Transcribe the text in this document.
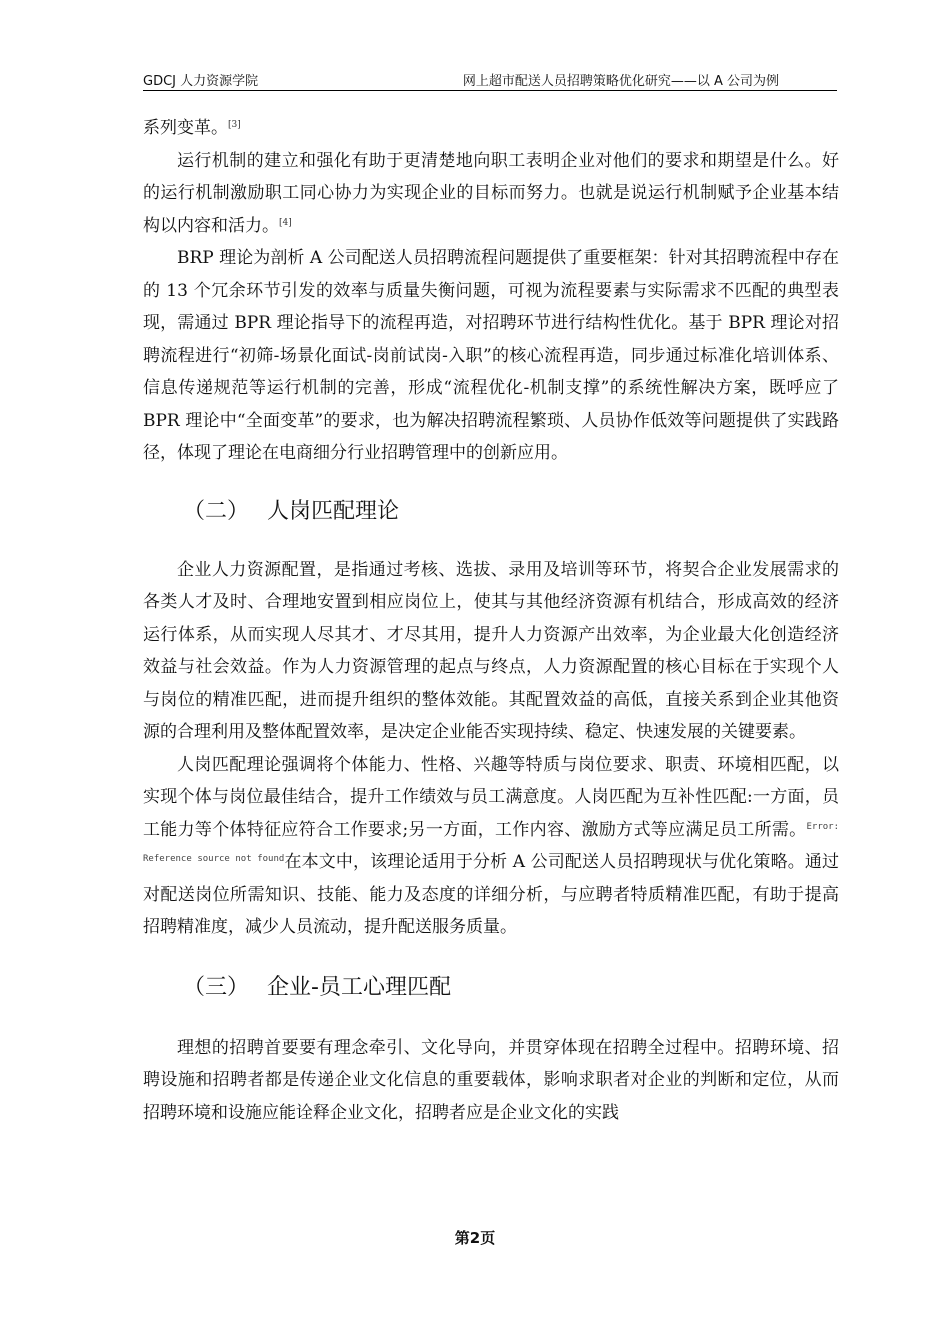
GDCJ 人力资源学院	网上超市配送人员招聘策略优化研究——以 A 公司为例

系列变革。[3]

运行机制的建立和强化有助于更清楚地向职工表明企业对他们的要求和期望是什么。好的运行机制激励职工同心协力为实现企业的目标而努力。也就是说运行机制赋予企业基本结构以内容和活力。[4]

BRP 理论为剖析 A 公司配送人员招聘流程问题提供了重要框架：针对其招聘流程中存在的 13 个冗余环节引发的效率与质量失衡问题，可视为流程要素与实际需求不匹配的典型表现，需通过 BPR 理论指导下的流程再造，对招聘环节进行结构性优化。基于 BPR 理论对招聘流程进行“初筛-场景化面试-岗前试岗-入职”的核心流程再造，同步通过标准化培训体系、信息传递规范等运行机制的完善，形成“流程优化-机制支撑”的系统性解决方案，既呼应了 BPR 理论中“全面变革”的要求，也为解决招聘流程繁琐、人员协作低效等问题提供了实践路径，体现了理论在电商细分行业招聘管理中的创新应用。

（二） 人岗匹配理论

企业人力资源配置，是指通过考核、选拔、录用及培训等环节，将契合企业发展需求的各类人才及时、合理地安置到相应岗位上，使其与其他经济资源有机结合，形成高效的经济运行体系，从而实现人尽其才、才尽其用，提升人力资源产出效率，为企业最大化创造经济效益与社会效益。作为人力资源管理的起点与终点，人力资源配置的核心目标在于实现个人与岗位的精准匹配，进而提升组织的整体效能。其配置效益的高低，直接关系到企业其他资源的合理利用及整体配置效率，是决定企业能否实现持续、稳定、快速发展的关键要素。

人岗匹配理论强调将个体能力、性格、兴趣等特质与岗位要求、职责、环境相匹配，以实现个体与岗位最佳结合，提升工作绩效与员工满意度。人岗匹配为互补性匹配:一方面，员工能力等个体特征应符合工作要求;另一方面，工作内容、激励方式等应满足员工所需。$^{Error: Reference source not found}$在本文中，该理论适用于分析 A 公司配送人员招聘现状与优化策略。通过对配送岗位所需知识、技能、能力及态度的详细分析，与应聘者特质精准匹配，有助于提高招聘精准度，减少人员流动，提升配送服务质量。

（三） 企业-员工心理匹配

理想的招聘首要要有理念牵引、文化导向，并贯穿体现在招聘全过程中。招聘环境、招聘设施和招聘者都是传递企业文化信息的重要载体，影响求职者对企业的判断和定位，从而招聘环境和设施应能诠释企业文化，招聘者应是企业文化的实践

第2页
